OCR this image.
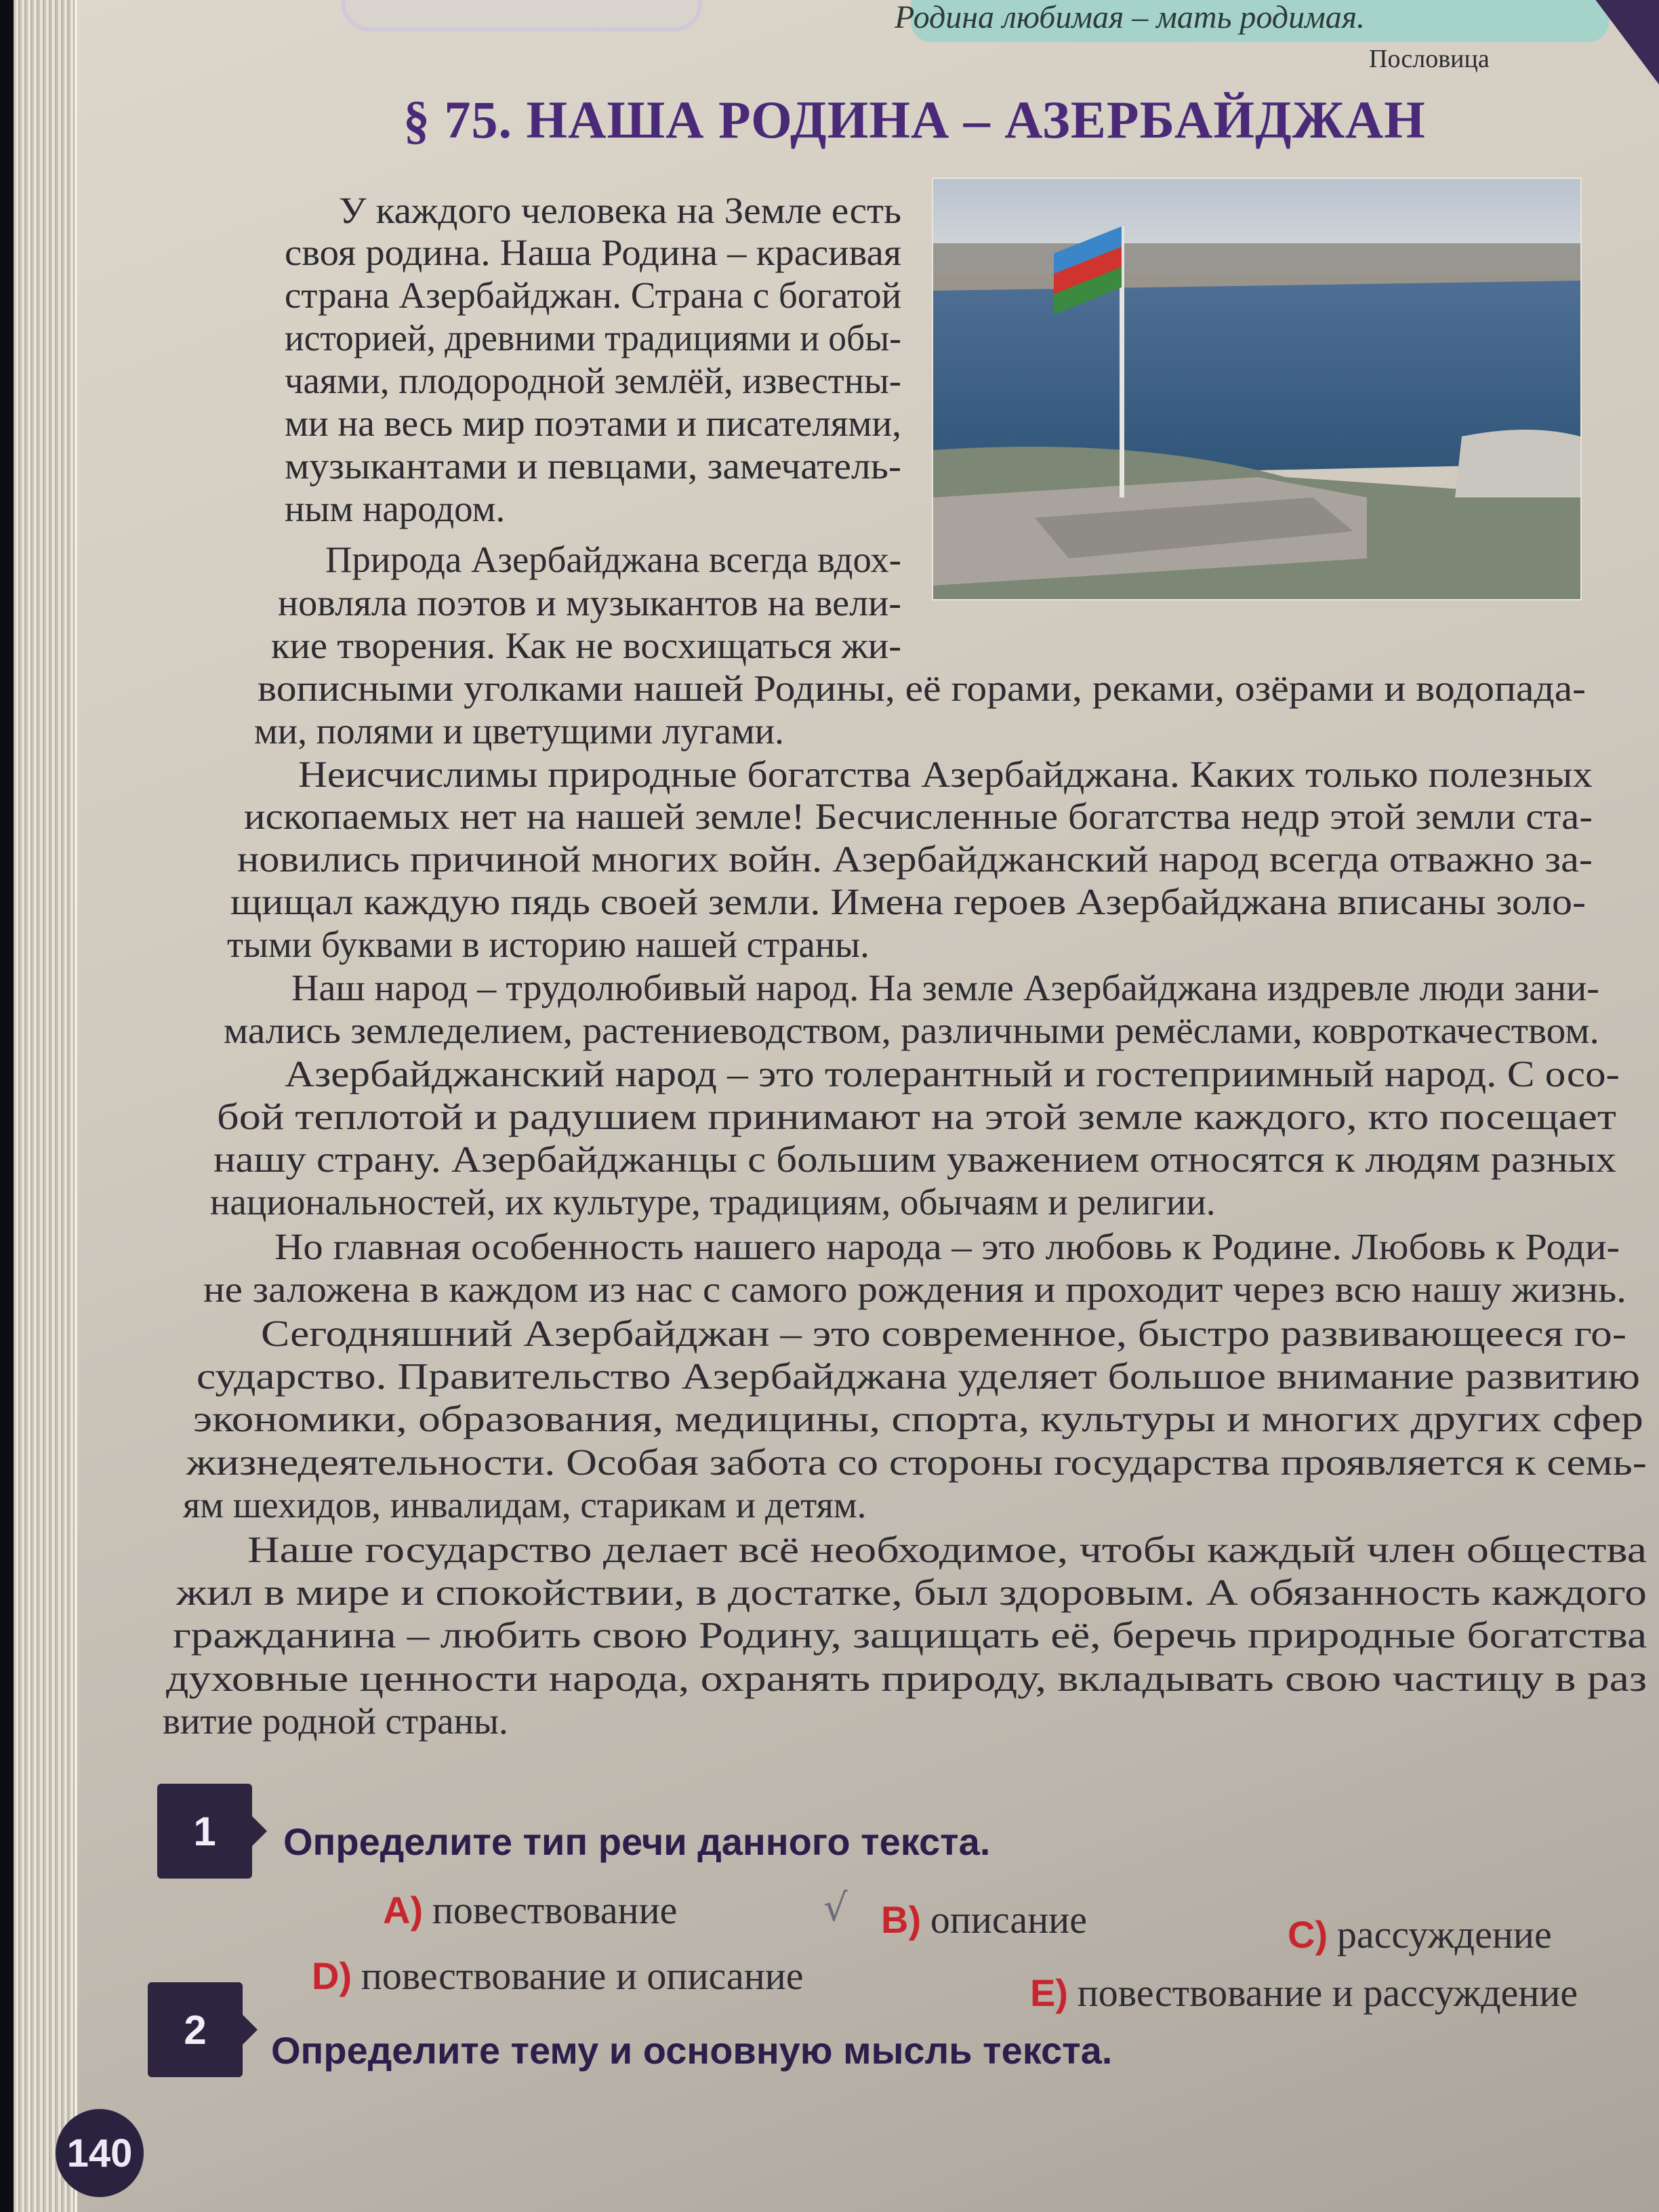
Родина любимая – мать родимая.

Пословица

§ 75. НАША РОДИНА – АЗЕРБАЙДЖАН

У каждого человека на Земле есть

своя родина. Наша Родина – красивая

страна Азербайджан. Страна с богатой

историей, древними традициями и обы-

чаями, плодородной землёй, известны-

ми на весь мир поэтами и писателями,

музыкантами и певцами, замечатель-

ным народом.

Природа Азербайджана всегда вдох-

новляла поэтов и музыкантов на вели-

кие творения. Как не восхищаться жи-

вописными уголками нашей Родины, её горами, реками, озёрами и водопада-

ми, полями и цветущими лугами.

Неисчислимы природные богатства Азербайджана. Каких только полезных

ископаемых нет на нашей земле! Бесчисленные богатства недр этой земли ста-

новились причиной многих войн. Азербайджанский народ всегда отважно за-

щищал каждую пядь своей земли. Имена героев Азербайджана вписаны золо-

тыми буквами в историю нашей страны.

Наш народ – трудолюбивый народ. На земле Азербайджана издревле люди зани-

мались земледелием, растениеводством, различными ремёслами, ковроткачеством.

Азербайджанский народ – это толерантный и гостеприимный народ. С осо-

бой теплотой и радушием принимают на этой земле каждого, кто посещает

нашу страну. Азербайджанцы с большим уважением относятся к людям разных

национальностей, их культуре, традициям, обычаям и религии.

Но главная особенность нашего народа – это любовь к Родине. Любовь к Роди-

не заложена в каждом из нас с самого рождения и проходит через всю нашу жизнь.

Сегодняшний Азербайджан – это современное, быстро развивающееся го-

сударство. Правительство Азербайджана уделяет большое внимание развитию

экономики, образования, медицины, спорта, культуры и многих других сфер

жизнедеятельности. Особая забота со стороны государства проявляется к семь-

ям шехидов, инвалидам, старикам и детям.

Наше государство делает всё необходимое, чтобы каждый член общества

жил в мире и спокойствии, в достатке, был здоровым. А обязанность каждого

гражданина – любить свою Родину, защищать её, беречь природные богатства

духовные ценности народа, охранять природу, вкладывать свою частицу в раз

витие родной страны.

1 Определите тип речи данного текста.

A) повествование	√ B) описание	C) рассуждение

D) повествование и описание	E) повествование и рассуждение

2 Определите тему и основную мысль текста.

140
